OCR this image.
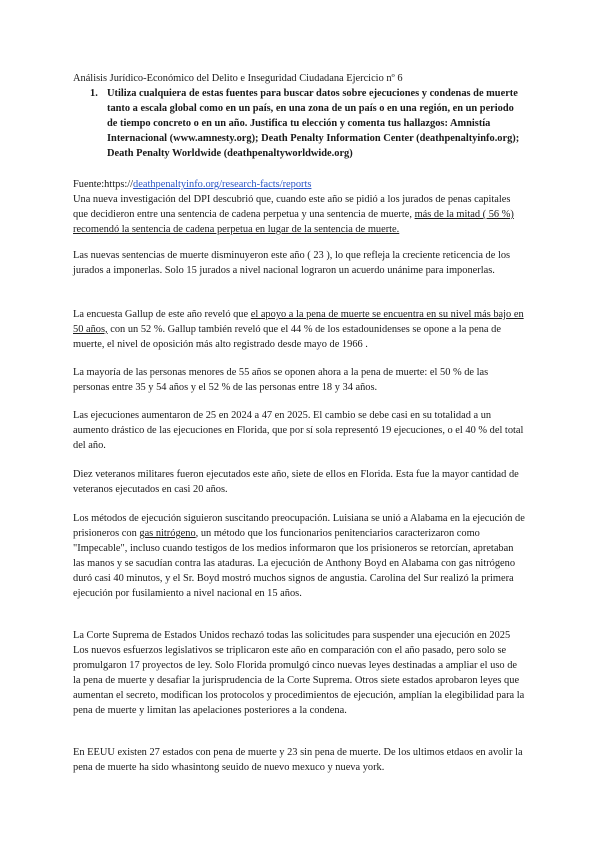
Análisis Jurídico-Económico del Delito e Inseguridad Ciudadana Ejercicio nº 6
1. Utiliza cualquiera de estas fuentes para buscar datos sobre ejecuciones y condenas de muerte tanto a escala global como en un país, en una zona de un país o en una región, en un periodo de tiempo concreto o en un año. Justifica tu elección y comenta tus hallazgos: Amnistía Internacional (www.amnesty.org); Death Penalty Information Center (deathpenaltyinfo.org); Death Penalty Worldwide (deathpenaltyworldwide.org)
Fuente:https://deathpenaltyinfo.org/research-facts/reports
Una nueva investigación del DPI descubrió que, cuando este año se pidió a los jurados de penas capitales que decidieron entre una sentencia de cadena perpetua y una sentencia de muerte, más de la mitad ( 56 %) recomendó la sentencia de cadena perpetua en lugar de la sentencia de muerte.
Las nuevas sentencias de muerte disminuyeron este año ( 23 ), lo que refleja la creciente reticencia de los jurados a imponerlas. Solo 15 jurados a nivel nacional lograron un acuerdo unánime para imponerlas.
La encuesta Gallup de este año reveló que el apoyo a la pena de muerte se encuentra en su nivel más bajo en 50 años, con un 52 %. Gallup también reveló que el 44 % de los estadounidenses se opone a la pena de muerte, el nivel de oposición más alto registrado desde mayo de 1966 .
La mayoría de las personas menores de 55 años se oponen ahora a la pena de muerte: el 50 % de las personas entre 35 y 54 años y el 52 % de las personas entre 18 y 34 años.
Las ejecuciones aumentaron de 25 en 2024 a 47 en 2025. El cambio se debe casi en su totalidad a un aumento drástico de las ejecuciones en Florida, que por sí sola representó 19 ejecuciones, o el 40 % del total del año.
Diez veteranos militares fueron ejecutados este año, siete de ellos en Florida. Esta fue la mayor cantidad de veteranos ejecutados en casi 20 años.
Los métodos de ejecución siguieron suscitando preocupación. Luisiana se unió a Alabama en la ejecución de prisioneros con gas nitrógeno, un método que los funcionarios penitenciarios caracterizaron como "Impecable", incluso cuando testigos de los medios informaron que los prisioneros se retorcían, apretaban las manos y se sacudían contra las ataduras. La ejecución de Anthony Boyd en Alabama con gas nitrógeno duró casi 40 minutos, y el Sr. Boyd mostró muchos signos de angustia. Carolina del Sur realizó la primera ejecución por fusilamiento a nivel nacional en 15 años.
La Corte Suprema de Estados Unidos rechazó todas las solicitudes para suspender una ejecución en 2025 Los nuevos esfuerzos legislativos se triplicaron este año en comparación con el año pasado, pero solo se promulgaron 17 proyectos de ley. Solo Florida promulgó cinco nuevas leyes destinadas a ampliar el uso de la pena de muerte y desafiar la jurisprudencia de la Corte Suprema. Otros siete estados aprobaron leyes que aumentan el secreto, modifican los protocolos y procedimientos de ejecución, amplían la elegibilidad para la pena de muerte y limitan las apelaciones posteriores a la condena.
En EEUU existen 27 estados con pena de muerte y 23 sin pena de muerte. De los ultimos etdaos en avolir la pena de muerte ha sido whasintong seuido de nuevo mexuco y nueva york.
